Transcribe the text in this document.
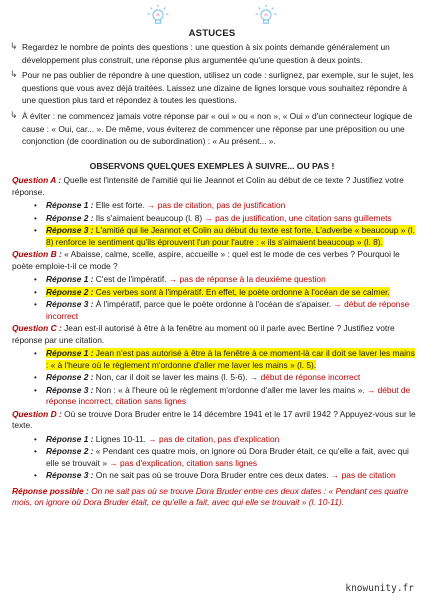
ASTUCES
↳ Regardez le nombre de points des questions : une question à six points demande généralement un développement plus construit, une réponse plus argumentée qu'une question à deux points.
↳ Pour ne pas oublier de répondre à une question, utilisez un code : surlignez, par exemple, sur le sujet, les questions que vous avez déjà traitées. Laissez une dizaine de lignes lorsque vous souhaitez répondre à une question plus tard et répondez à toutes les questions.
↳ À éviter : ne commencez jamais votre réponse par « oui » ou « non », « Oui » d'un connecteur logique de cause : « Oui, car... ». De même, vous éviterez de commencer une réponse par une préposition ou une conjonction (de coordination ou de subordination) : « Au présent... ».
OBSERVONS QUELQUES EXEMPLES À SUIVRE... OU PAS !
Question A : Quelle est l'intensité de l'amitié qui lie Jeannot et Colin au début de ce texte ? Justifiez votre réponse.
•	Réponse 1 : Elle est forte. → pas de citation, pas de justification
•	Réponse 2 : Ils s'aimaient beaucoup (l. 8) → pas de justification, une citation sans guillemets
•	Réponse 3 : L'amitié qui lie Jeannot et Colin au début du texte est forte. L'adverbe « beaucoup » (l. 8) renforce le sentiment qu'ils éprouvent l'un pour l'autre : « ils s'aimaient beaucoup » (l. 8).
Question B : « Abaisse, calme, scelle, aspire, accueille » : quel est le mode de ces verbes ? Pourquoi le poète emploie-t-il ce mode ?
•	Réponse 1 : C'est de l'impératif. → pas de réponse à la deuxième question
•	Réponse 2 : Ces verbes sont à l'impératif. En effet, le poète ordonne à l'océan de se calmer.
•	Réponse 3 : À l'impératif, parce que le poète ordonne à l'océan de s'apaiser. → début de réponse incorrect
Question C : Jean est-il autorisé à être à la fenêtre au moment où il parle avec Bertine ? Justifiez votre réponse par une citation.
•	Réponse 1 : Jean n'est pas autorisé à être à la fenêtre à ce moment-là car il doit se laver les mains : « à l'heure où le règlement m'ordonne d'aller me laver les mains » (l. 5).
•	Réponse 2 : Non, car il doit se laver les mains (l. 5-6). → début de réponse incorrect
•	Réponse 3 : Non : « à l'heure où le règlement m'ordonne d'aller me laver les mains ». → début de réponse incorrect, citation sans lignes
Question D : Où se trouve Dora Bruder entre le 14 décembre 1941 et le 17 avril 1942 ? Appuyez-vous sur le texte.
•	Réponse 1 : Lignes 10-11. → pas de citation, pas d'explication
•	Réponse 2 : « Pendant ces quatre mois, on ignore où Dora Bruder était, ce qu'elle a fait, avec qui elle se trouvait » → pas d'explication, citation sans lignes
•	Réponse 3 : On ne sait pas où se trouve Dora Bruder entre ces deux dates. → pas de citation
Réponse possible : On ne sait pas où se trouve Dora Bruder entre ces deux dates : « Pendant ces quatre mois, on ignore où Dora Bruder était, ce qu'elle a fait, avec qui elle se trouvait » (l. 10-11).
knowunity.fr
